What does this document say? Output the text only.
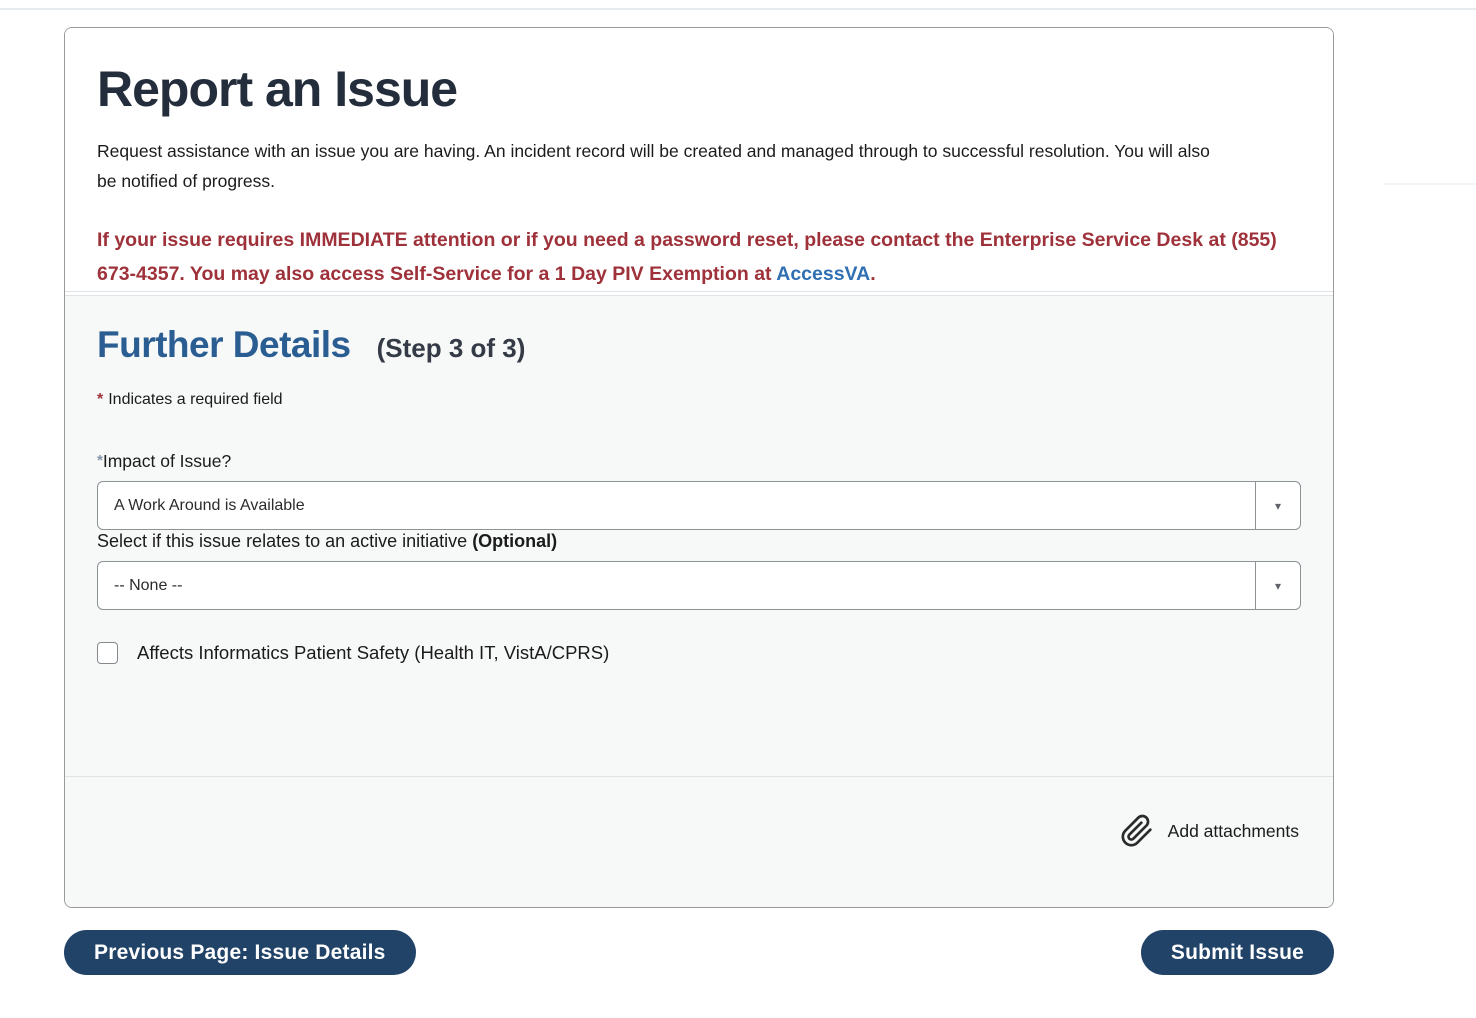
Report an Issue

Request assistance with an issue you are having. An incident record will be created and managed through to successful resolution. You will also be notified of progress.

If your issue requires IMMEDIATE attention or if you need a password reset, please contact the Enterprise Service Desk at (855) 673-4357. You may also access Self-Service for a 1 Day PIV Exemption at AccessVA.

Further Details (Step 3 of 3)

* Indicates a required field

*Impact of Issue?
A Work Around is Available	▾
Select if this issue relates to an active initiative (Optional)
-- None --	▾
Affects Informatics Patient Safety (Health IT, VistA/CPRS)
Add attachments
Previous Page: Issue Details	Submit Issue
